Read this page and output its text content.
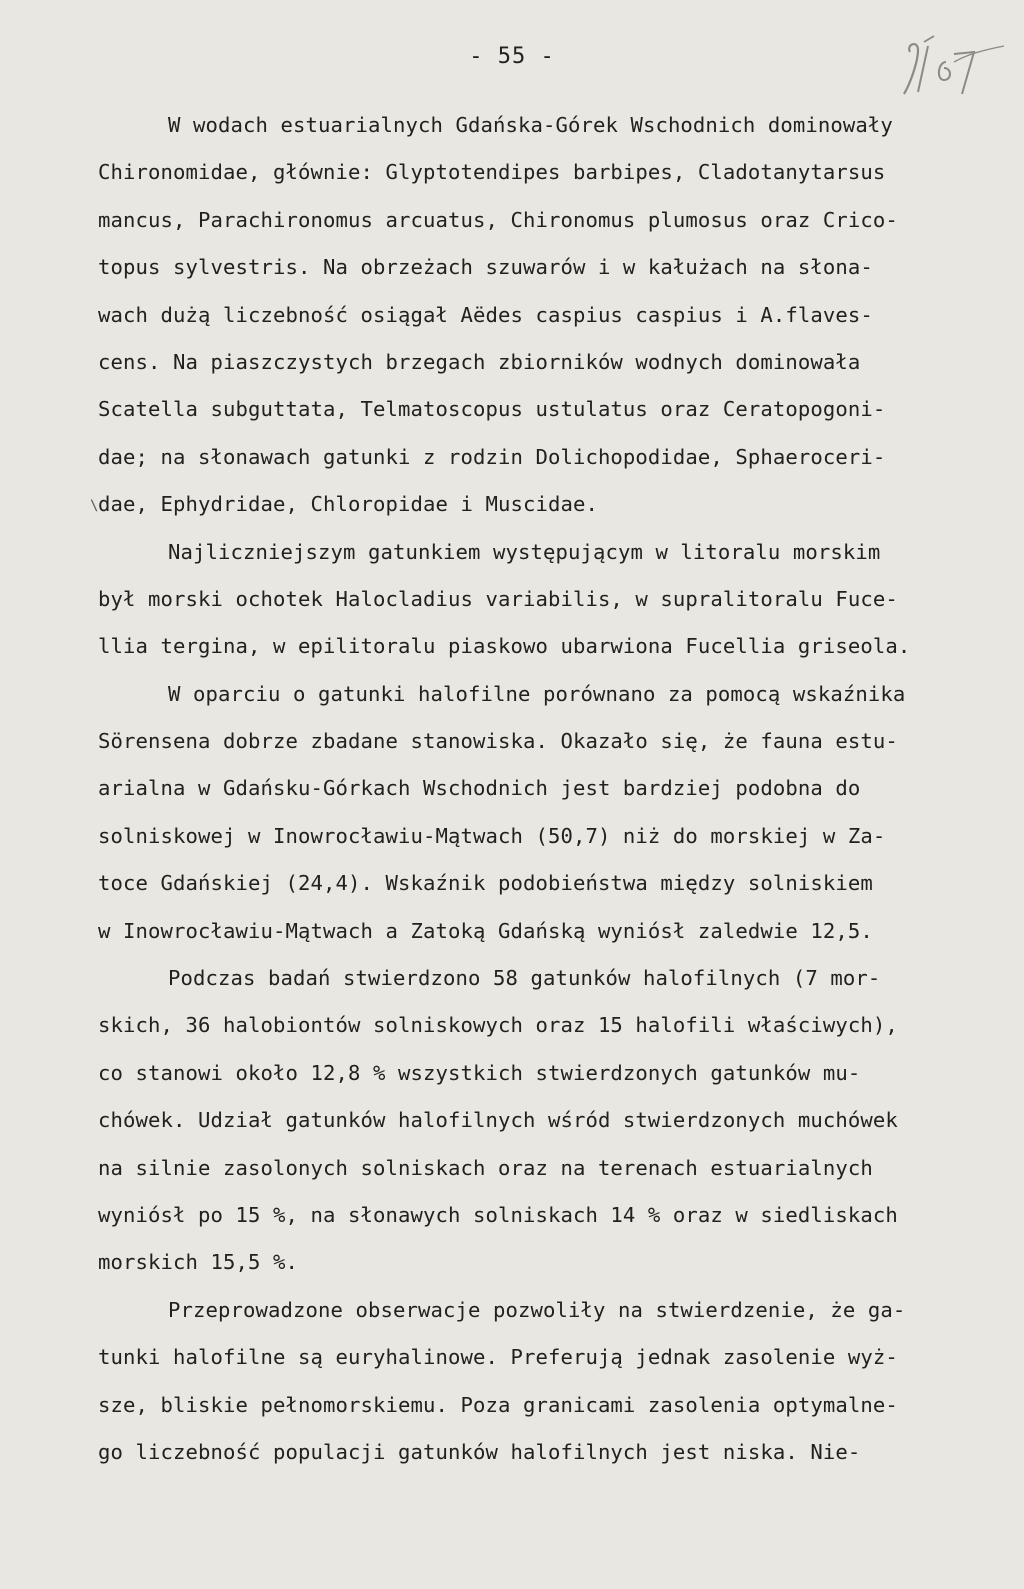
- 55 -
\
W wodach estuarialnych Gdańska-Górek Wschodnich dominowały
Chironomidae, głównie: Glyptotendipes barbipes, Cladotanytarsus
mancus, Parachironomus arcuatus, Chironomus plumosus oraz Crico-
topus sylvestris. Na obrzeżach szuwarów i w kałużach na słona-
wach dużą liczebność osiągał Aëdes caspius caspius i A.flaves-
cens. Na piaszczystych brzegach zbiorników wodnych dominowała
Scatella subguttata, Telmatoscopus ustulatus oraz Ceratopogoni-
dae; na słonawach gatunki z rodzin Dolichopodidae, Sphaeroceri-
dae, Ephydridae, Chloropidae i Muscidae.
Najliczniejszym gatunkiem występującym w litoralu morskim
był morski ochotek Halocladius variabilis, w supralitoralu Fuce-
llia tergina, w epilitoralu piaskowo ubarwiona Fucellia griseola.
W oparciu o gatunki halofilne porównano za pomocą wskaźnika
Sörensena dobrze zbadane stanowiska. Okazało się, że fauna estu-
arialna w Gdańsku-Górkach Wschodnich jest bardziej podobna do
solniskowej w Inowrocławiu-Mątwach (50,7) niż do morskiej w Za-
toce Gdańskiej (24,4). Wskaźnik podobieństwa między solniskiem
w Inowrocławiu-Mątwach a Zatoką Gdańską wyniósł zaledwie 12,5.
Podczas badań stwierdzono 58 gatunków halofilnych (7 mor-
skich, 36 halobiontów solniskowych oraz 15 halofili właściwych),
co stanowi około 12,8 % wszystkich stwierdzonych gatunków mu-
chówek. Udział gatunków halofilnych wśród stwierdzonych muchówek
na silnie zasolonych solniskach oraz na terenach estuarialnych
wyniósł po 15 %, na słonawych solniskach 14 % oraz w siedliskach
morskich 15,5 %.
Przeprowadzone obserwacje pozwoliły na stwierdzenie, że ga-
tunki halofilne są euryhalinowe. Preferują jednak zasolenie wyż-
sze, bliskie pełnomorskiemu. Poza granicami zasolenia optymalne-
go liczebność populacji gatunków halofilnych jest niska. Nie-
